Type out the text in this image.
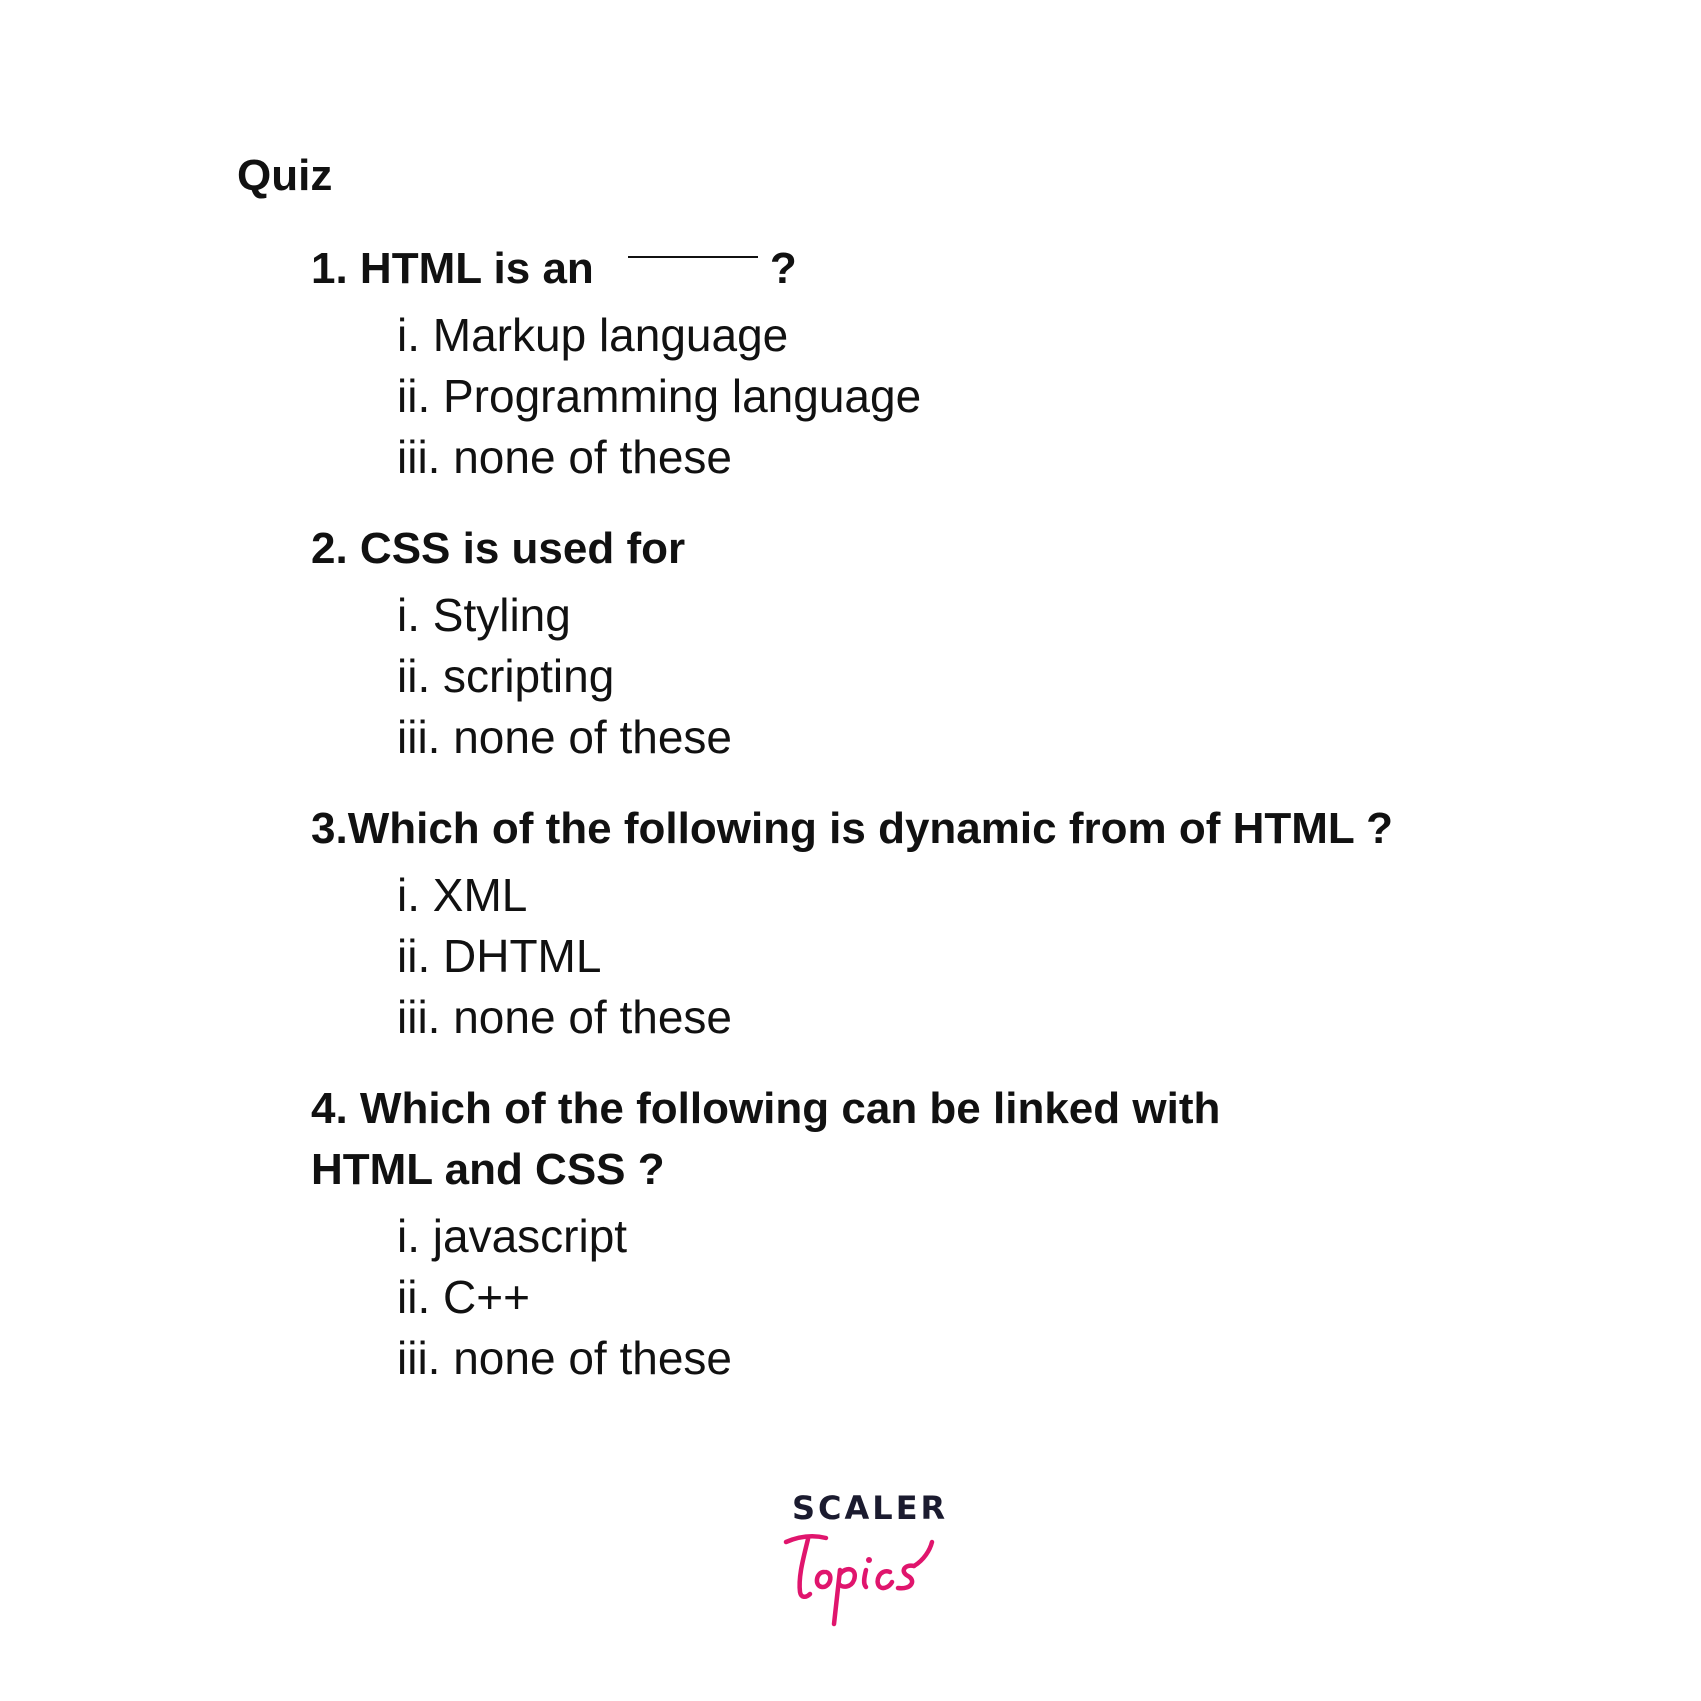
Quiz

1. HTML is an	?

i. Markup language
ii. Programming language
iii. none of these

2. CSS is used for

i. Styling
ii. scripting
iii. none of these

3.Which of the following is dynamic from of HTML ?

i. XML
ii. DHTML
iii. none of these

4. Which of the following can be linked with
HTML and CSS ?

i. javascript
ii. C++
iii. none of these
SCALER
